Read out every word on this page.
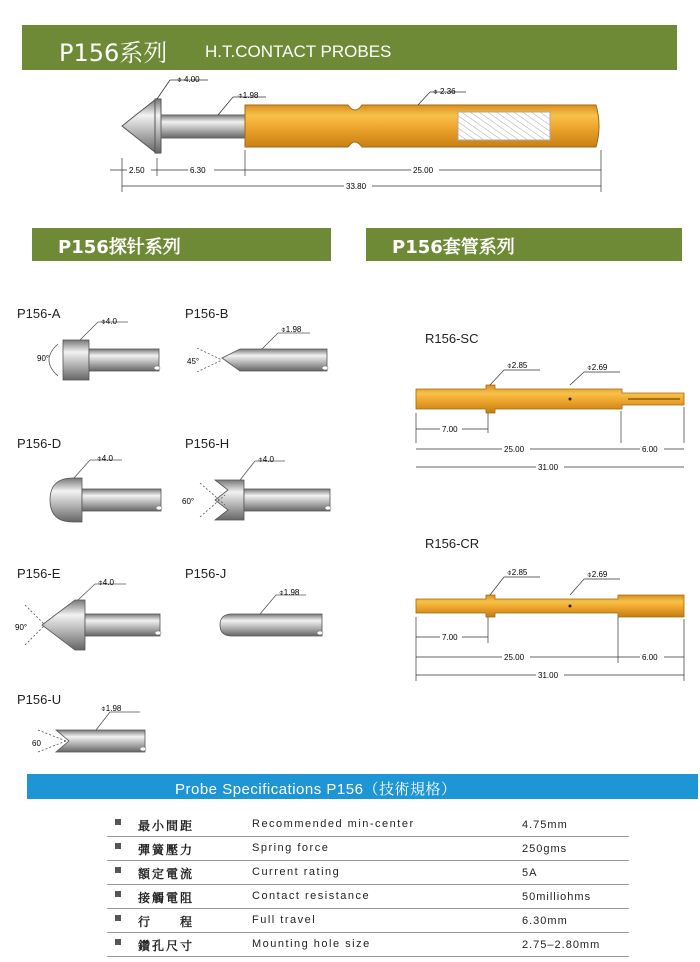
P156系列 H.T.CONTACT PROBES
⌽ 4.00
⌽1.98	⌽ 2.36
2.50	6.30	25.00
33.80
P156探针系列	P156套管系列
P156-A	P156-B
P156-D	P156-H
P156-E	P156-J
P156-U
⌽4.0
90°
⌽1.98
45°
⌽4.0	⌽4.0
60°
⌽4.0
90°
⌽1.98
⌽1.98
60
R156-SC
R156-CR
⌽2.85	⌽2.69
7.00
25.00	6.00
31.00
⌽2.85	⌽2.69
7.00
25.00	6.00
31.00
Probe Specifications P156（技術規格）
最小間距	Recommended min-center	4.75mm
彈簧壓力	Spring force	250gms
額定電流	Current rating	5A
接觸電阻	Contact resistance	50milliohms
行　　程	Full travel	6.30mm
鑽孔尺寸	Mounting hole size	2.75–2.80mm
